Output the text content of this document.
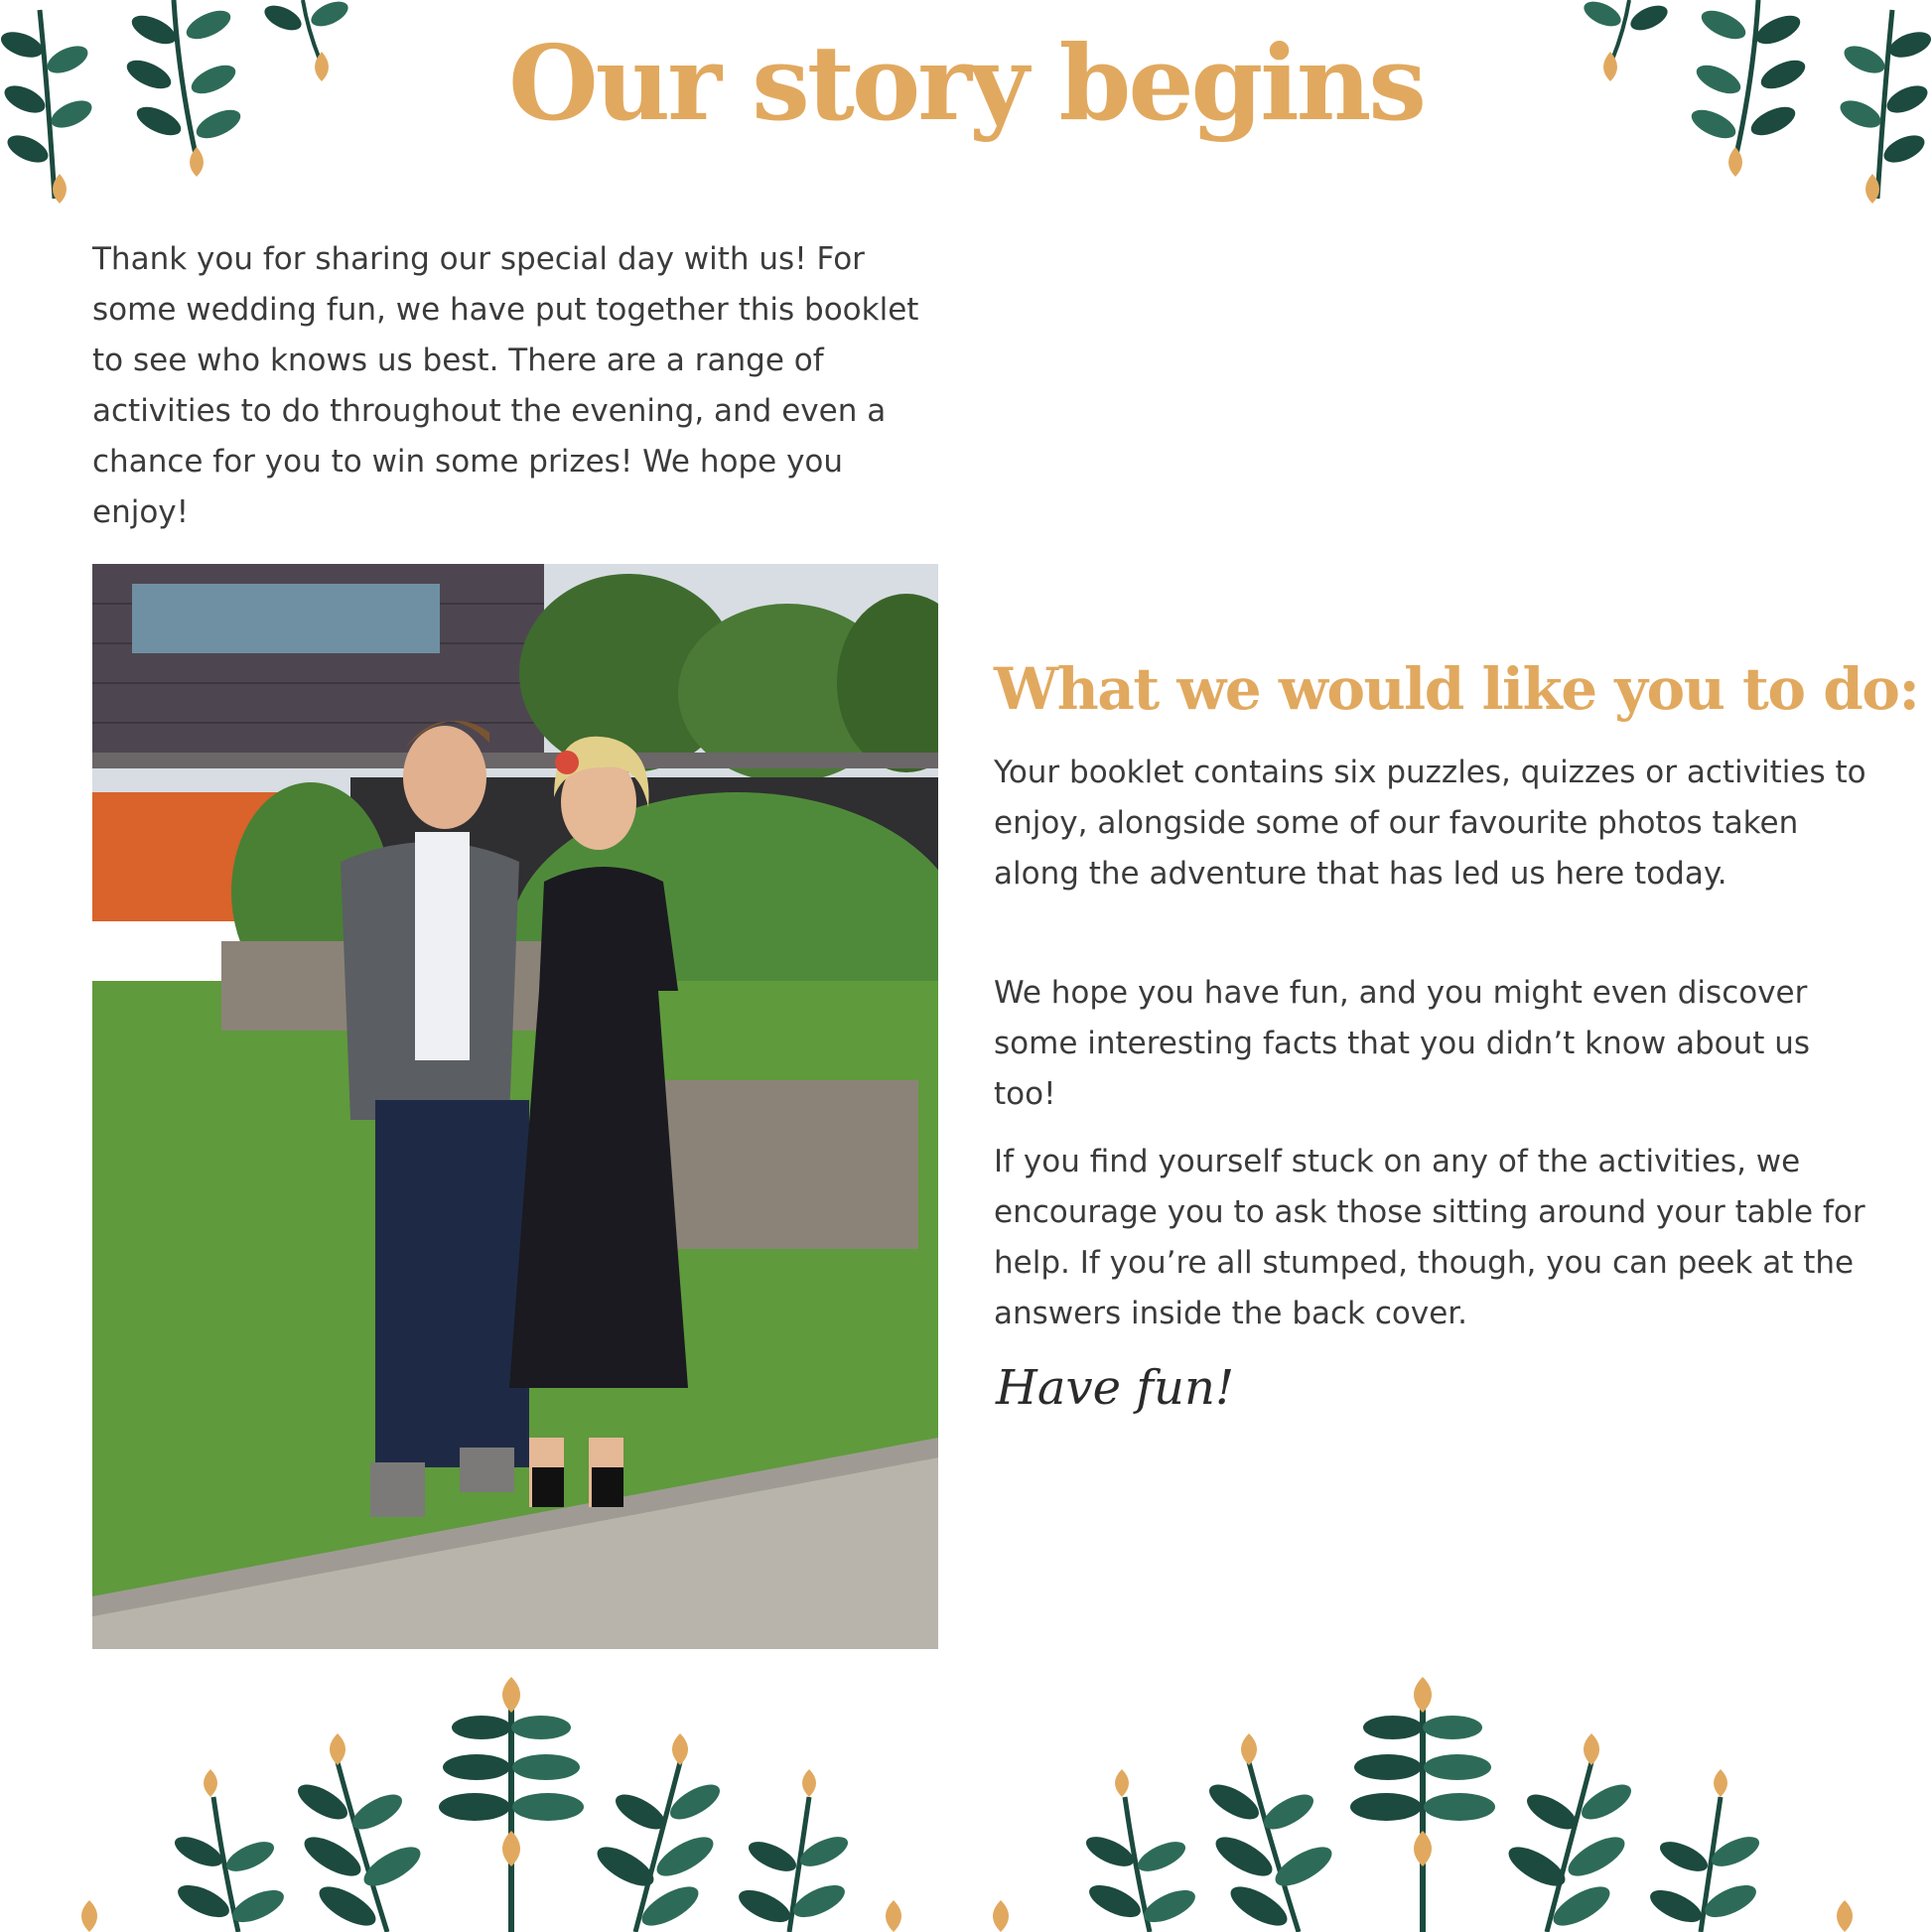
Our story begins

Thank you for sharing our special day with us! For some wedding fun, we have put together this booklet to see who knows us best. There are a range of activities to do throughout the evening, and even a chance for you to win some prizes! We hope you enjoy!

What we would like you to do:

Your booklet contains six puzzles, quizzes or activities to enjoy, alongside some of our favourite photos taken along the adventure that has led us here today.

We hope you have fun, and you might even discover some interesting facts that you didn’t know about us too!

If you find yourself stuck on any of the activities, we encourage you to ask those sitting around your table for help. If you’re all stumped, though, you can peek at the answers inside the back cover.

Have fun!
